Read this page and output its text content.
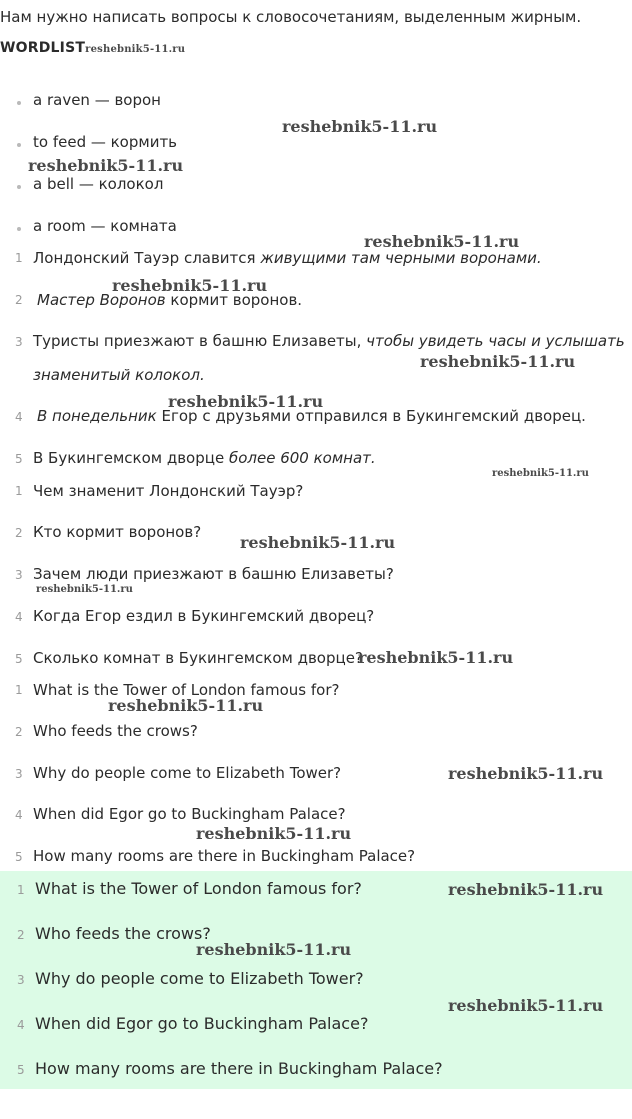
Нам нужно написать вопросы к словосочетаниям, выделенным жирным.
WORDLISTreshebnik5-11.ru
a raven — ворон
to feed — кормить
a bell — колокол
a room — комната
1 Лондонский Тауэр славится живущими там черными воронами.
2 Мастер Воронов кормит воронов.
3 Туристы приезжают в башню Елизаветы, чтобы увидеть часы и услышать
знаменитый колокол.
4 В понедельник Егор с друзьями отправился в Букингемский дворец.
5 В Букингемском дворце более 600 комнат.
1 Чем знаменит Лондонский Тауэр?
2 Кто кормит воронов?
3 Зачем люди приезжают в башню Елизаветы?
4 Когда Егор ездил в Букингемский дворец?
5 Сколько комнат в Букингемском дворце?
1 What is the Tower of London famous for?
2 Who feeds the crows?
3 Why do people come to Elizabeth Tower?
4 When did Egor go to Buckingham Palace?
5 How many rooms are there in Buckingham Palace?
1 What is the Tower of London famous for?
2 Who feeds the crows?
3 Why do people come to Elizabeth Tower?
4 When did Egor go to Buckingham Palace?
5 How many rooms are there in Buckingham Palace?
reshebnik5-11.ru
reshebnik5-11.ru
reshebnik5-11.ru
reshebnik5-11.ru
reshebnik5-11.ru
reshebnik5-11.ru
reshebnik5-11.ru
reshebnik5-11.ru
reshebnik5-11.ru
reshebnik5-11.ru
reshebnik5-11.ru
reshebnik5-11.ru
reshebnik5-11.ru
reshebnik5-11.ru
reshebnik5-11.ru
reshebnik5-11.ru
